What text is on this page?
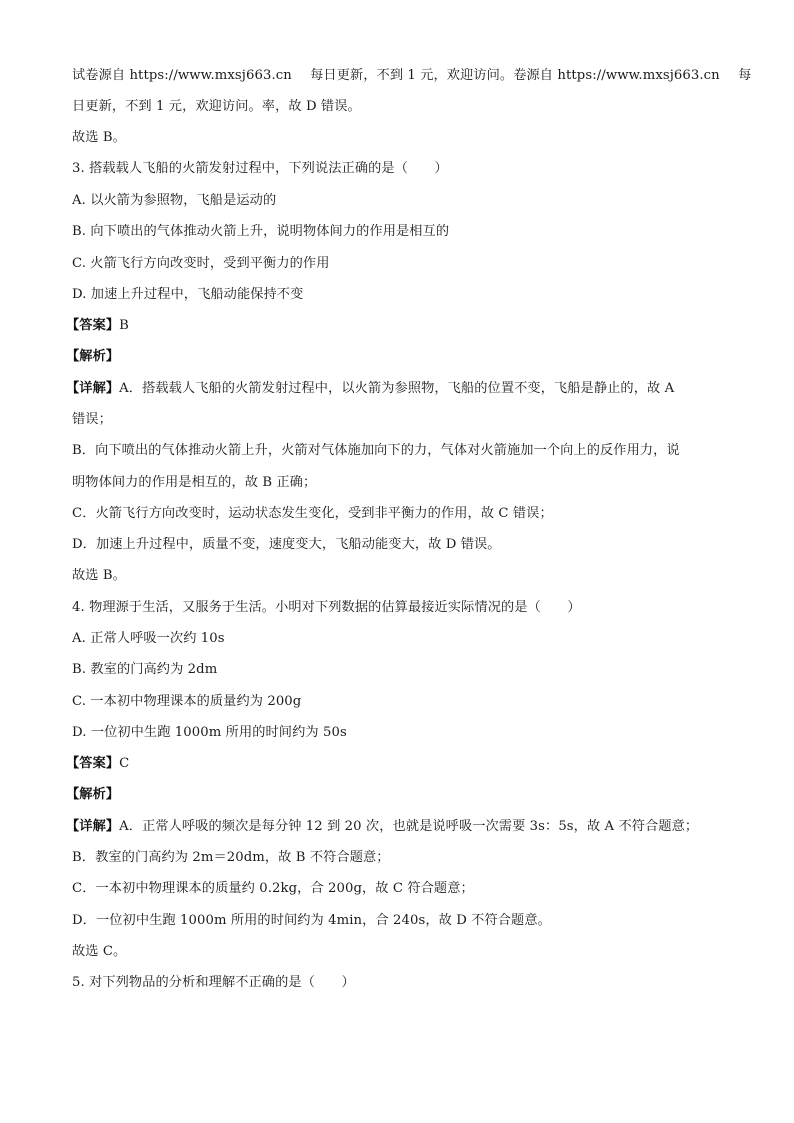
试卷源自 https://www.mxsj663.cn 每日更新，不到 1 元，欢迎访问。卷源自 https://www.mxsj663.cn 每
日更新，不到 1 元，欢迎访问。率，故 D 错误。
故选 B。
3. 搭载载人飞船的火箭发射过程中，下列说法正确的是（　　）
A. 以火箭为参照物，飞船是运动的
B. 向下喷出的气体推动火箭上升，说明物体间力的作用是相互的
C. 火箭飞行方向改变时，受到平衡力的作用
D. 加速上升过程中，飞船动能保持不变
【答案】B
【解析】
【详解】A．搭载载人飞船的火箭发射过程中，以火箭为参照物，飞船的位置不变，飞船是静止的，故 A
错误；
B．向下喷出的气体推动火箭上升，火箭对气体施加向下的力，气体对火箭施加一个向上的反作用力，说
明物体间力的作用是相互的，故 B 正确；
C．火箭飞行方向改变时，运动状态发生变化，受到非平衡力的作用，故 C 错误；
D．加速上升过程中，质量不变，速度变大，飞船动能变大，故 D 错误。
故选 B。
4. 物理源于生活，又服务于生活。小明对下列数据的估算最接近实际情况的是（　　）
A. 正常人呼吸一次约 10s
B. 教室的门高约为 2dm
C. 一本初中物理课本的质量约为 200g
D. 一位初中生跑 1000m 所用的时间约为 50s
【答案】C
【解析】
【详解】A．正常人呼吸的频次是每分钟 12 到 20 次，也就是说呼吸一次需要 3s：5s，故 A 不符合题意；
B．教室的门高约为 2m＝20dm，故 B 不符合题意；
C．一本初中物理课本的质量约 0.2kg，合 200g，故 C 符合题意；
D．一位初中生跑 1000m 所用的时间约为 4min，合 240s，故 D 不符合题意。
故选 C。
5. 对下列物品的分析和理解不正确的是（　　）
